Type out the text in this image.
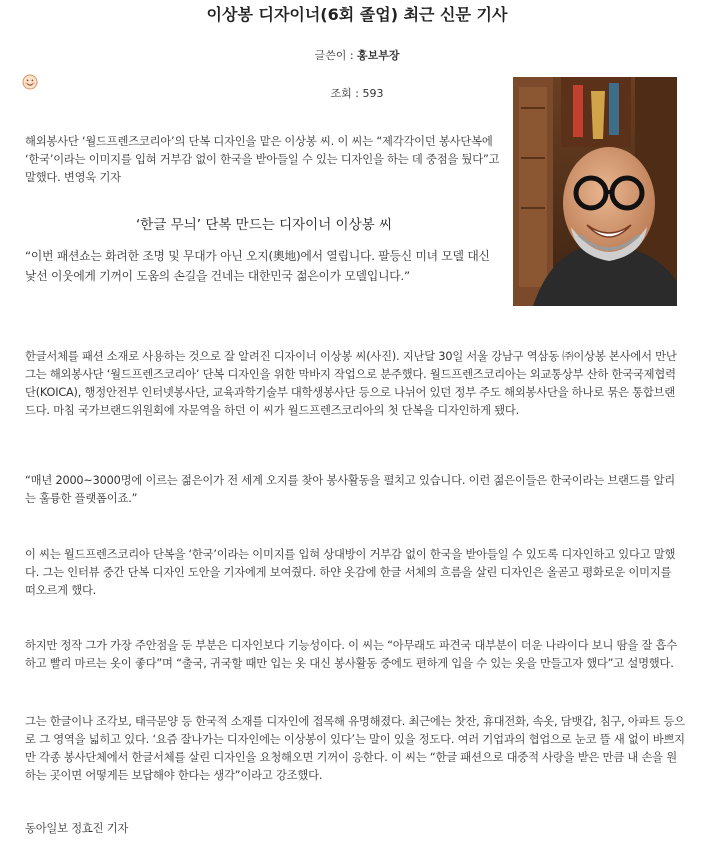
이상봉 디자이너(6회 졸업) 최근 신문 기사
글쓴이 : 홍보부장
조회 : 593
해외봉사단 ‘월드프렌즈코리아’의 단복 디자인을 맡은 이상봉 씨. 이 씨는 “제각각이던 봉사단복에 ‘한국’이라는 이미지를 입혀 거부감 없이 한국을 받아들일 수 있는 디자인을 하는 데 중점을 뒀다”고 말했다. 변영욱 기자
‘한글 무늬’ 단복 만드는 디자이너 이상봉 씨
“이번 패션쇼는 화려한 조명 및 무대가 아닌 오지(奧地)에서 열립니다. 팔등신 미녀 모델 대신 낯선 이웃에게 기꺼이 도움의 손길을 건네는 대한민국 젊은이가 모델입니다.”
한글서체를 패션 소재로 사용하는 것으로 잘 알려진 디자이너 이상봉 씨(사진). 지난달 30일 서울 강남구 역삼동 ㈜이상봉 본사에서 만난 그는 해외봉사단 ‘월드프렌즈코리아’ 단복 디자인을 위한 막바지 작업으로 분주했다. 월드프렌즈코리아는 외교통상부 산하 한국국제협력단(KOICA), 행정안전부 인터넷봉사단, 교육과학기술부 대학생봉사단 등으로 나뉘어 있던 정부 주도 해외봉사단을 하나로 묶은 통합브랜드다. 마침 국가브랜드위원회에 자문역을 하던 이 씨가 월드프렌즈코리아의 첫 단복을 디자인하게 됐다.
“매년 2000~3000명에 이르는 젊은이가 전 세계 오지를 찾아 봉사활동을 펼치고 있습니다. 이런 젊은이들은 한국이라는 브랜드를 알리는 훌륭한 플랫폼이죠.”
이 씨는 월드프렌즈코리아 단복을 ‘한국’이라는 이미지를 입혀 상대방이 거부감 없이 한국을 받아들일 수 있도록 디자인하고 있다고 말했다. 그는 인터뷰 중간 단복 디자인 도안을 기자에게 보여줬다. 하얀 옷감에 한글 서체의 흐름을 살린 디자인은 올곧고 평화로운 이미지를 떠오르게 했다.
하지만 정작 그가 가장 주안점을 둔 부분은 디자인보다 기능성이다. 이 씨는 “아무래도 파견국 대부분이 더운 나라이다 보니 땀을 잘 흡수하고 빨리 마르는 옷이 좋다”며 “출국, 귀국할 때만 입는 옷 대신 봉사활동 중에도 편하게 입을 수 있는 옷을 만들고자 했다”고 설명했다.
그는 한글이나 조각보, 태극문양 등 한국적 소재를 디자인에 접목해 유명해졌다. 최근에는 찻잔, 휴대전화, 속옷, 담뱃갑, 침구, 아파트 등으로 그 영역을 넓히고 있다. ‘요즘 잘나가는 디자인에는 이상봉이 있다’는 말이 있을 정도다. 여러 기업과의 협업으로 눈코 뜰 새 없이 바쁘지만 각종 봉사단체에서 한글서체를 살린 디자인을 요청해오면 기꺼이 응한다. 이 씨는 “한글 패션으로 대중적 사랑을 받은 만큼 내 손을 원하는 곳이면 어떻게든 보답해야 한다는 생각”이라고 강조했다.
동아일보 정효진 기자
